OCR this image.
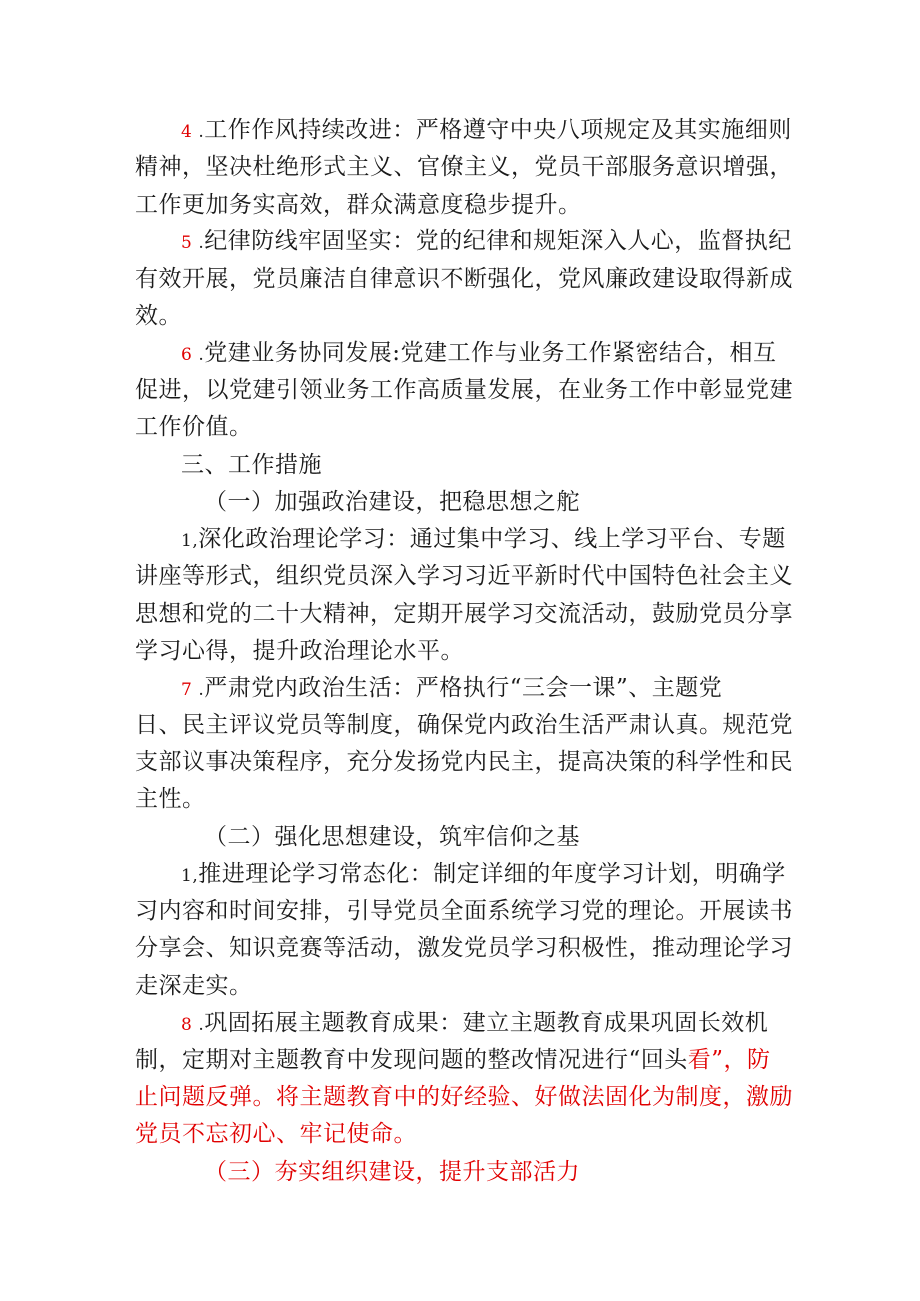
4 .工作作风持续改进：严格遵守中央八项规定及其实施细则
精神，坚决杜绝形式主义、官僚主义，党员干部服务意识增强，
工作更加务实高效，群众满意度稳步提升。
5 .纪律防线牢固坚实：党的纪律和规矩深入人心，监督执纪
有效开展，党员廉洁自律意识不断强化，党风廉政建设取得新成
效。
6 .党建业务协同发展:党建工作与业务工作紧密结合，相互
促进，以党建引领业务工作高质量发展，在业务工作中彰显党建
工作价值。
三、工作措施
（一）加强政治建设，把稳思想之舵
1,深化政治理论学习：通过集中学习、线上学习平台、专题
讲座等形式，组织党员深入学习习近平新时代中国特色社会主义
思想和党的二十大精神，定期开展学习交流活动，鼓励党员分享
学习心得，提升政治理论水平。
7 .严肃党内政治生活：严格执行“三会一课”、主题党
日、民主评议党员等制度，确保党内政治生活严肃认真。规范党
支部议事决策程序，充分发扬党内民主，提高决策的科学性和民
主性。
（二）强化思想建设，筑牢信仰之基
1,推进理论学习常态化：制定详细的年度学习计划，明确学
习内容和时间安排，引导党员全面系统学习党的理论。开展读书
分享会、知识竞赛等活动，激发党员学习积极性，推动理论学习
走深走实。
8 .巩固拓展主题教育成果：建立主题教育成果巩固长效机
制，定期对主题教育中发现问题的整改情况进行“回头看”，防
止问题反弹。将主题教育中的好经验、好做法固化为制度，激励
党员不忘初心、牢记使命。
（三）夯实组织建设，提升支部活力
